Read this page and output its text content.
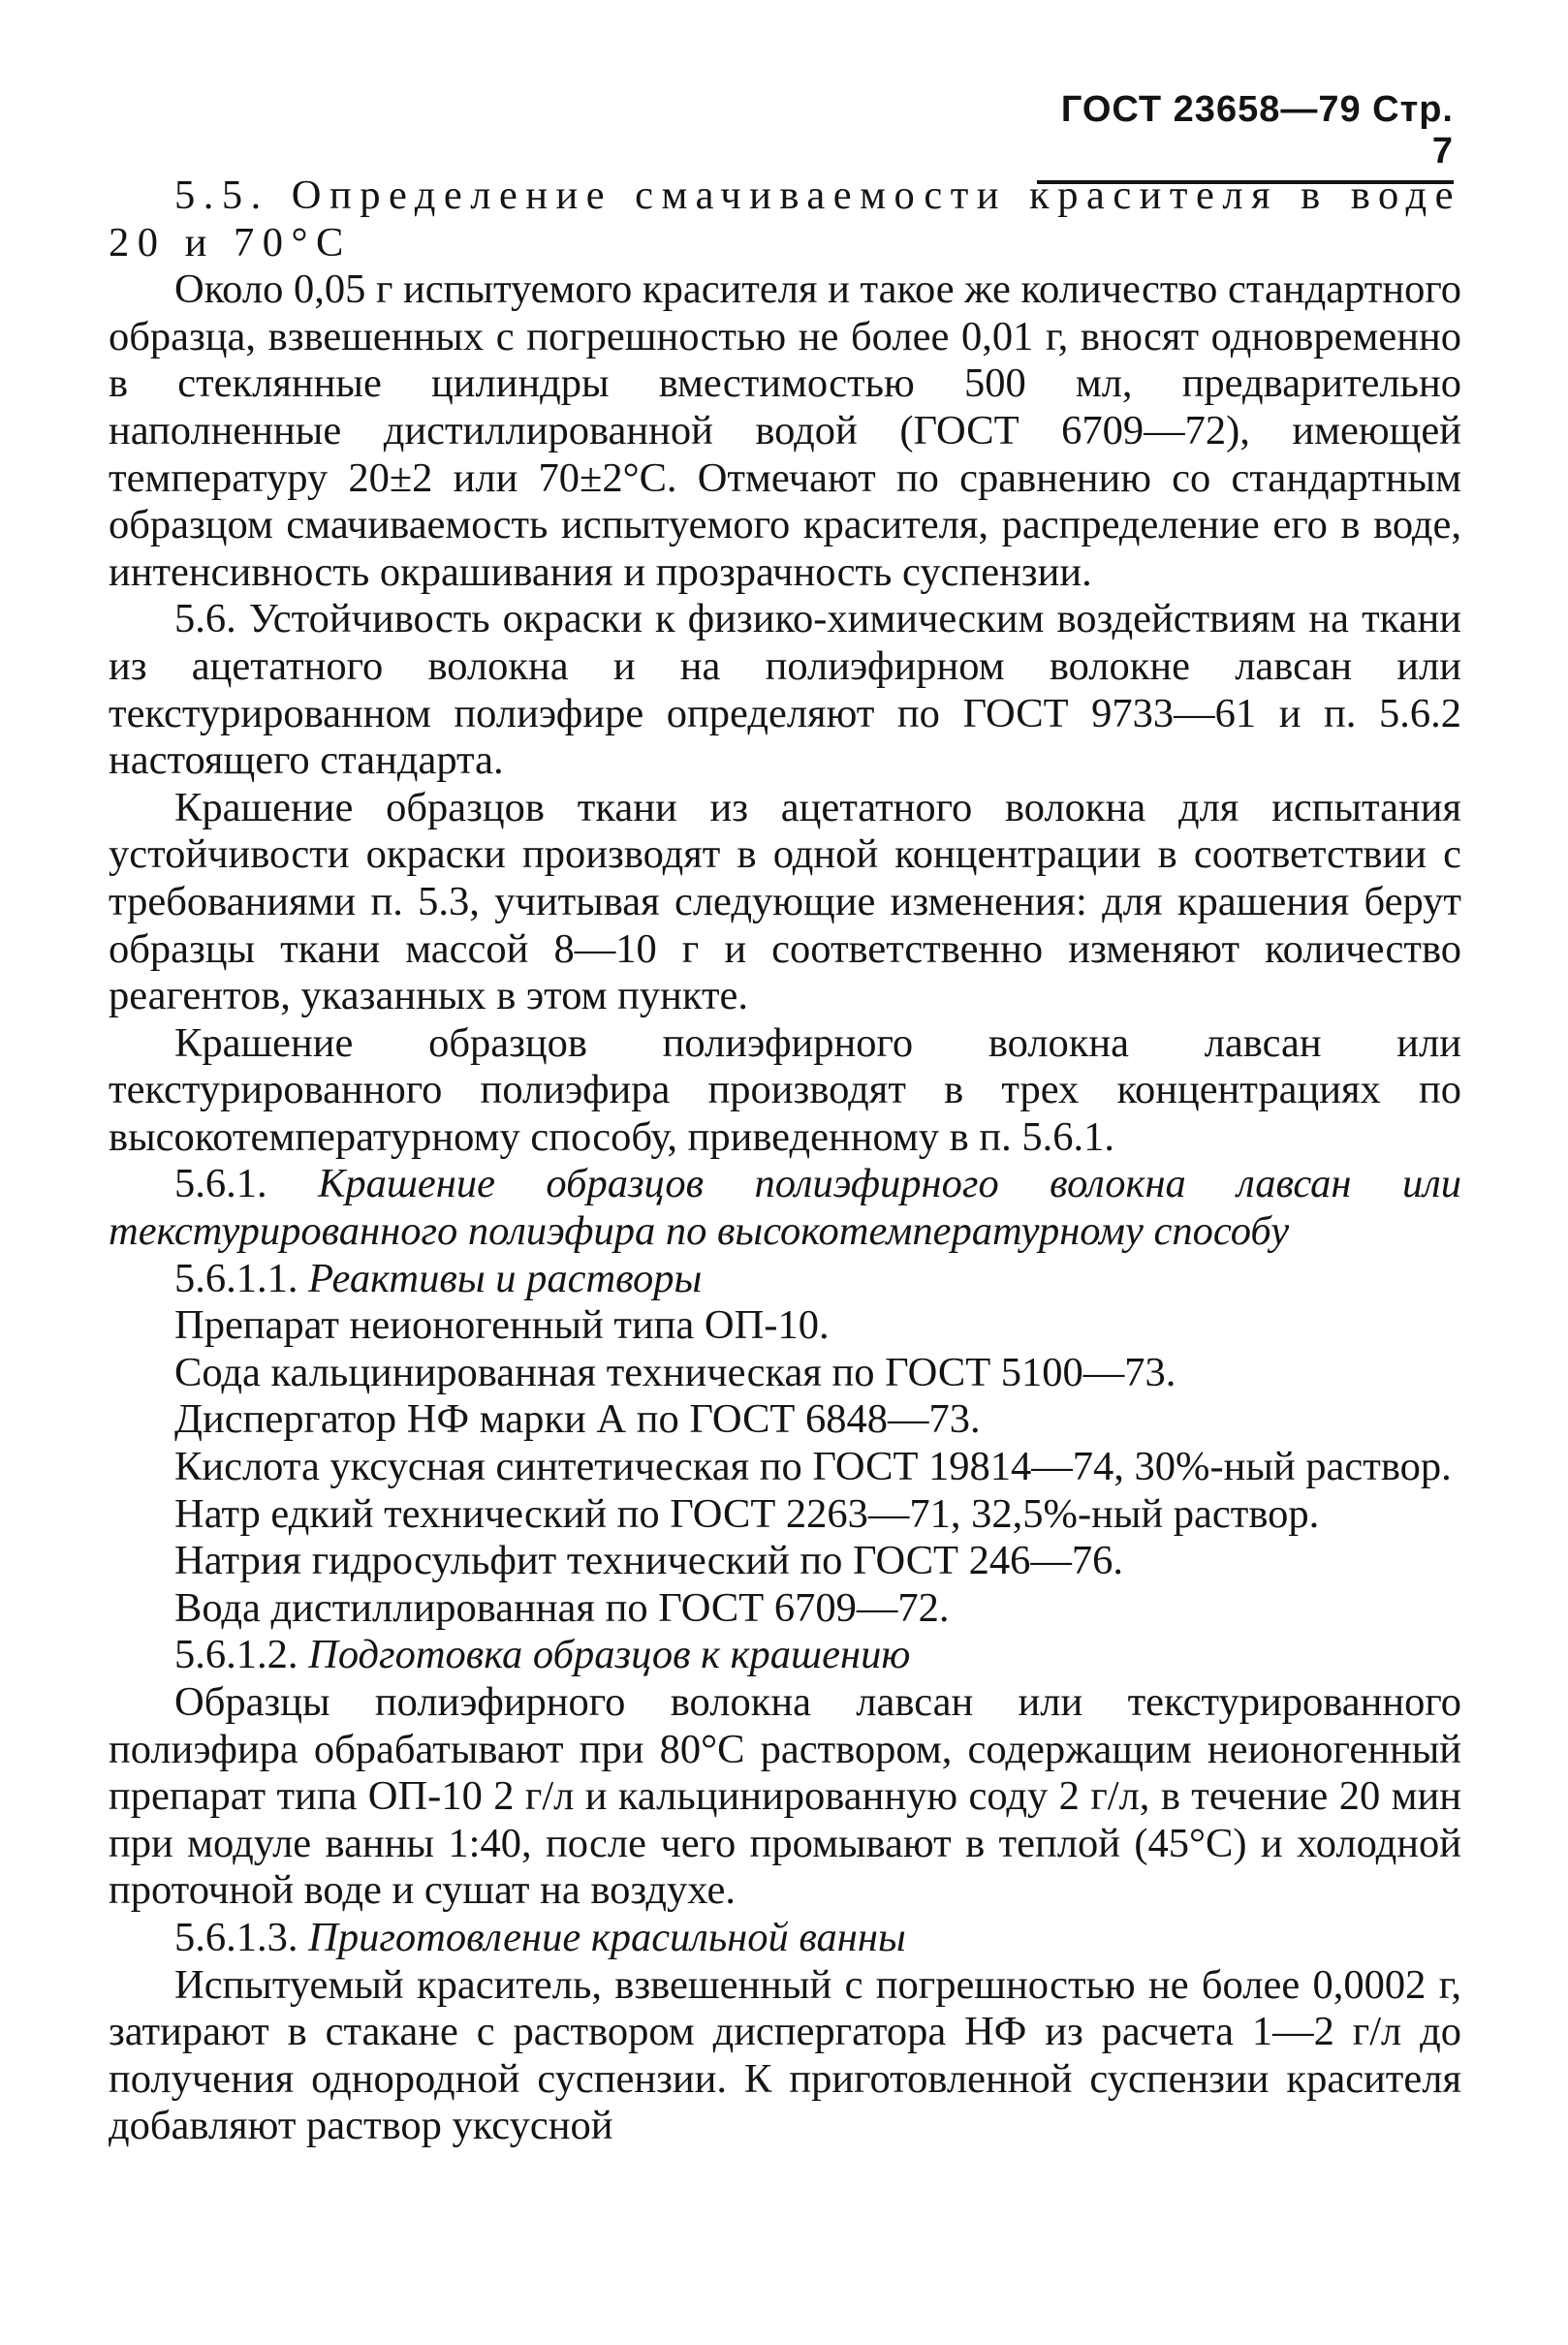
ГОСТ 23658—79 Стр. 7

5.5. Определение смачиваемости красителя в воде 20 и 70°С

Около 0,05 г испытуемого красителя и такое же количество стандартного образца, взвешенных с погрешностью не более 0,01 г, вносят одновременно в стеклянные цилиндры вместимостью 500 мл, предварительно наполненные дистиллированной водой (ГОСТ 6709—72), имеющей температуру 20±2 или 70±2°С. Отмечают по сравнению со стандартным образцом смачиваемость испытуемого красителя, распределение его в воде, интенсивность окрашивания и прозрачность суспензии.

5.6. Устойчивость окраски к физико-химическим воздействиям на ткани из ацетатного волокна и на полиэфирном волокне лавсан или текстурированном полиэфире определяют по ГОСТ 9733—61 и п. 5.6.2 настоящего стандарта.

Крашение образцов ткани из ацетатного волокна для испытания устойчивости окраски производят в одной концентрации в соответствии с требованиями п. 5.3, учитывая следующие изменения: для крашения берут образцы ткани массой 8—10 г и соответственно изменяют количество реагентов, указанных в этом пункте.

Крашение образцов полиэфирного волокна лавсан или текстурированного полиэфира производят в трех концентрациях по высокотемпературному способу, приведенному в п. 5.6.1.

5.6.1. Крашение образцов полиэфирного волокна лавсан или текстурированного полиэфира по высокотемпературному способу

5.6.1.1. Реактивы и растворы

Препарат неионогенный типа ОП-10.

Сода кальцинированная техническая по ГОСТ 5100—73.

Диспергатор НФ марки А по ГОСТ 6848—73.

Кислота уксусная синтетическая по ГОСТ 19814—74, 30%-ный раствор.

Натр едкий технический по ГОСТ 2263—71, 32,5%-ный раствор.

Натрия гидросульфит технический по ГОСТ 246—76.

Вода дистиллированная по ГОСТ 6709—72.

5.6.1.2. Подготовка образцов к крашению

Образцы полиэфирного волокна лавсан или текстурированного полиэфира обрабатывают при 80°С раствором, содержащим неионогенный препарат типа ОП-10 2 г/л и кальцинированную соду 2 г/л, в течение 20 мин при модуле ванны 1:40, после чего промывают в теплой (45°С) и холодной проточной воде и сушат на воздухе.

5.6.1.3. Приготовление красильной ванны

Испытуемый краситель, взвешенный с погрешностью не более 0,0002 г, затирают в стакане с раствором диспергатора НФ из расчета 1—2 г/л до получения однородной суспензии. К приготовленной суспензии красителя добавляют раствор уксусной
